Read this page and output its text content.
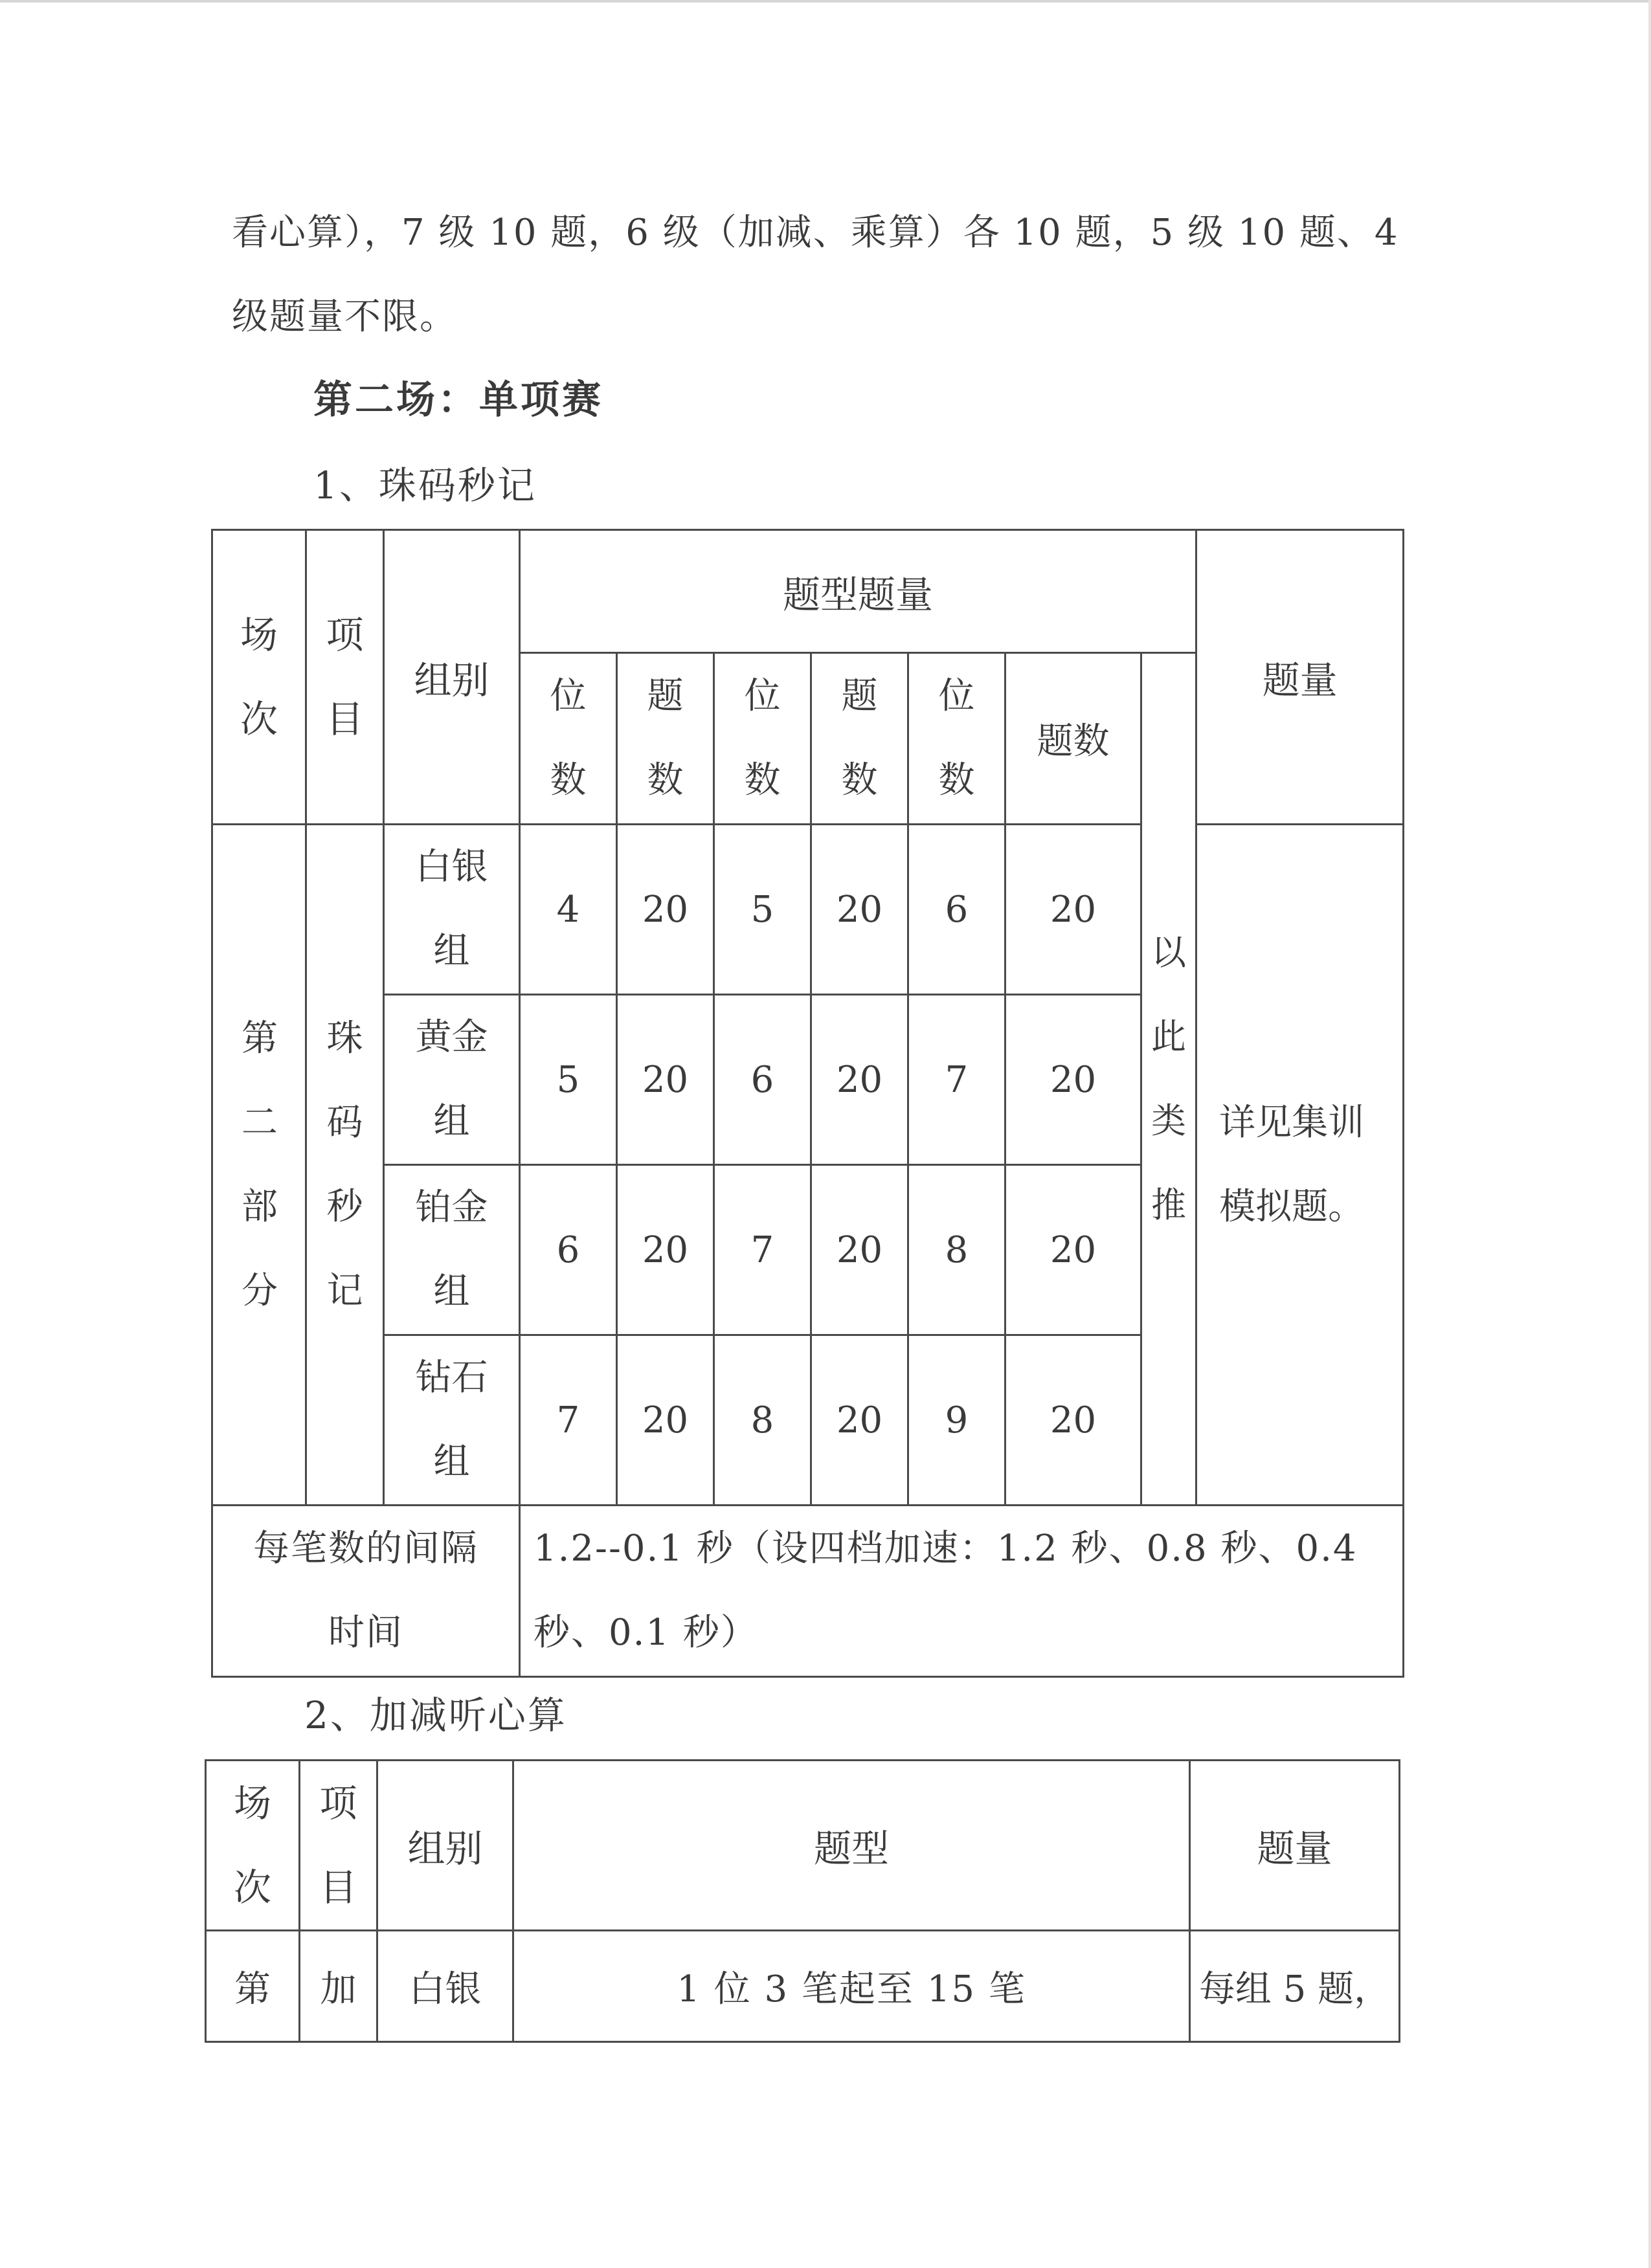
看心算），7 级 10 题，6 级（加减、乘算）各 10 题，5 级 10 题、4
级题量不限。
第二场：单项赛
1、珠码秒记
场次	项目	组别	题型题量							题量
			位数	题数	位数	题数	位数	题数	以此类推	
第二部分	珠码秒记	白银组	4	20	5	20	6	20		详见集训模拟题。
		黄金组	5	20	6	20	7	20		
		铂金组	6	20	7	20	8	20		
		钻石组	7	20	8	20	9	20		
每笔数的间隔时间			1.2--0.1 秒（设四档加速：1.2 秒、0.8 秒、0.4 秒、0.1 秒）							
2、加减听心算
场次	项目	组别	题型	题量
第	加	白银	1 位 3 笔起至 15 笔	每组 5 题，
